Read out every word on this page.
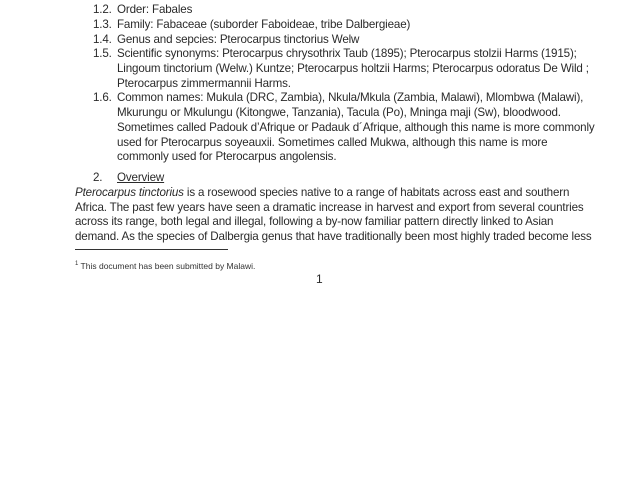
1.2. Order: Fabales
1.3. Family: Fabaceae (suborder Faboideae, tribe Dalbergieae)
1.4. Genus and sepcies: Pterocarpus tinctorius Welw
1.5. Scientific synonyms: Pterocarpus chrysothrix Taub (1895); Pterocarpus stolzii Harms (1915);
Lingoum tinctorium (Welw.) Kuntze; Pterocarpus holtzii Harms; Pterocarpus odoratus De Wild ;
Pterocarpus zimmermannii Harms.
1.6. Common names: Mukula (DRC, Zambia), Nkula/Mkula (Zambia, Malawi), Mlombwa (Malawi),
Mkurungu or Mkulungu (Kitongwe, Tanzania), Tacula (Po), Mninga maji (Sw), bloodwood.
Sometimes called Padouk d’Afrique or Padauk d´Afrique, although this name is more commonly
used for Pterocarpus soyeauxii. Sometimes called Mukwa, although this name is more
commonly used for Pterocarpus angolensis.
2. Overview
Pterocarpus tinctorius is a rosewood species native to a range of habitats across east and southern
Africa. The past few years have seen a dramatic increase in harvest and export from several countries
across its range, both legal and illegal, following a by-now familiar pattern directly linked to Asian
demand. As the species of Dalbergia genus that have traditionally been most highly traded become less
$^1$ This document has been submitted by Malawi.
1
